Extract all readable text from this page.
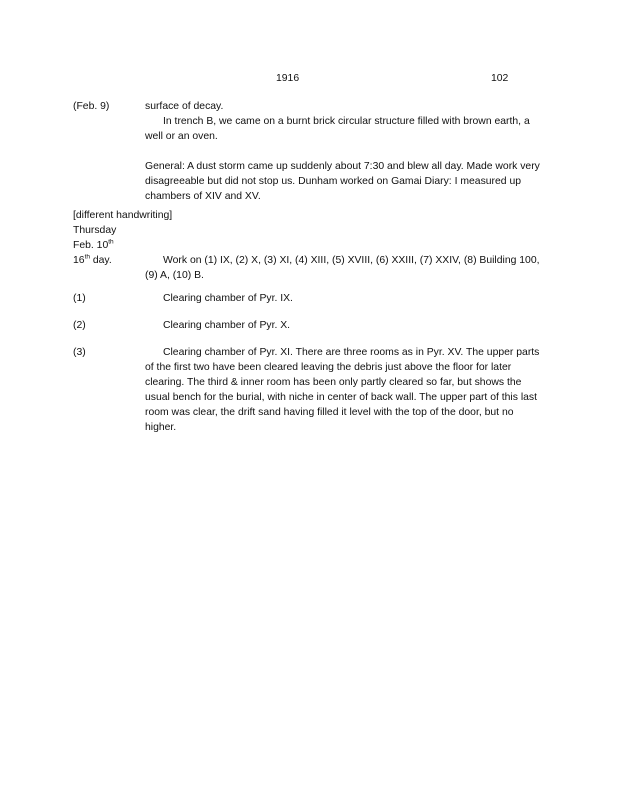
1916	102
(Feb. 9)	surface of decay.

In trench B, we came on a burnt brick circular structure filled with brown earth, a well or an oven.

General: A dust storm came up suddenly about 7:30 and blew all day. Made work very disagreeable but did not stop us. Dunham worked on Gamai Diary: I measured up chambers of XIV and XV.

[different handwriting]
Thursday
Feb. 10th
16th day.	Work on (1) IX, (2) X, (3) XI, (4) XIII, (5) XVIII, (6) XXIII, (7) XXIV, (8) Building 100, (9) A, (10) B.

(1)	Clearing chamber of Pyr. IX.

(2)	Clearing chamber of Pyr. X.

(3)	Clearing chamber of Pyr. XI. There are three rooms as in Pyr. XV. The upper parts of the first two have been cleared leaving the debris just above the floor for later clearing. The third & inner room has been only partly cleared so far, but shows the usual bench for the burial, with niche in center of back wall. The upper part of this last room was clear, the drift sand having filled it level with the top of the door, but no higher.
